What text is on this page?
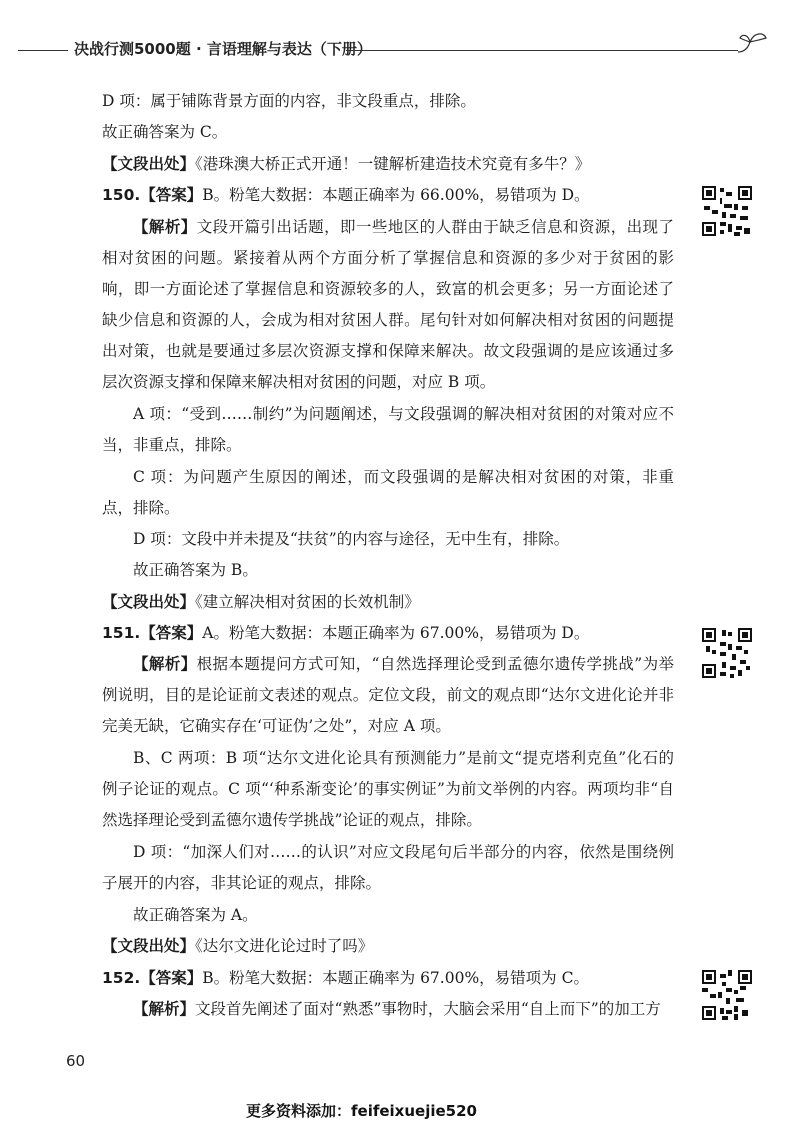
决战行测5000题 · 言语理解与表达（下册）
D 项：属于铺陈背景方面的内容，非文段重点，排除。
故正确答案为 C。
【文段出处】《港珠澳大桥正式开通！一键解析建造技术究竟有多牛？》
150.【答案】B。粉笔大数据：本题正确率为 66.00%，易错项为 D。
【解析】文段开篇引出话题，即一些地区的人群由于缺乏信息和资源，出现了相对贫困的问题。紧接着从两个方面分析了掌握信息和资源的多少对于贫困的影响，即一方面论述了掌握信息和资源较多的人，致富的机会更多；另一方面论述了缺少信息和资源的人，会成为相对贫困人群。尾句针对如何解决相对贫困的问题提出对策，也就是要通过多层次资源支撑和保障来解决。故文段强调的是应该通过多层次资源支撑和保障来解决相对贫困的问题，对应 B 项。
A 项：“受到……制约”为问题阐述，与文段强调的解决相对贫困的对策对应不当，非重点，排除。
C 项：为问题产生原因的阐述，而文段强调的是解决相对贫困的对策，非重点，排除。
D 项：文段中并未提及“扶贫”的内容与途径，无中生有，排除。
故正确答案为 B。
【文段出处】《建立解决相对贫困的长效机制》
151.【答案】A。粉笔大数据：本题正确率为 67.00%，易错项为 D。
【解析】根据本题提问方式可知，“自然选择理论受到孟德尔遗传学挑战”为举例说明，目的是论证前文表述的观点。定位文段，前文的观点即“达尔文进化论并非完美无缺，它确实存在‘可证伪’之处”，对应 A 项。
B、C 两项：B 项“达尔文进化论具有预测能力”是前文“提克塔利克鱼”化石的例子论证的观点。C 项“‘种系渐变论’的事实例证”为前文举例的内容。两项均非“自然选择理论受到孟德尔遗传学挑战”论证的观点，排除。
D 项：“加深人们对……的认识”对应文段尾句后半部分的内容，依然是围绕例子展开的内容，非其论证的观点，排除。
故正确答案为 A。
【文段出处】《达尔文进化论过时了吗》
152.【答案】B。粉笔大数据：本题正确率为 67.00%，易错项为 C。
【解析】文段首先阐述了面对“熟悉”事物时，大脑会采用“自上而下”的加工方
60
更多资料添加：feifeixuejie520
